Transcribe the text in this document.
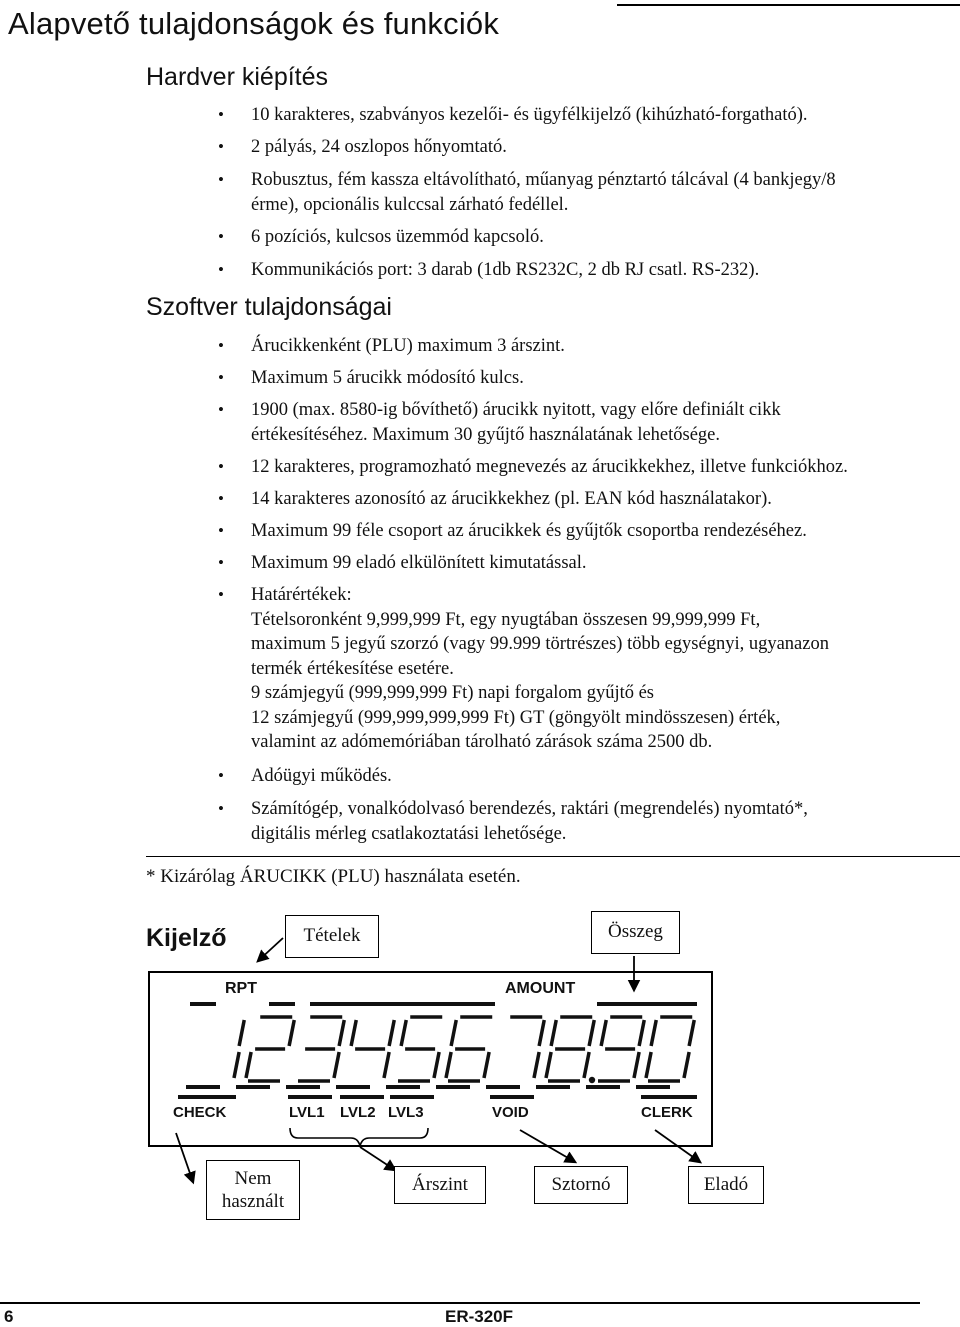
Alapvető tulajdonságok és funkciók
Hardver kiépítés
• 10 karakteres, szabványos kezelői- és ügyfélkijelző (kihúzható-forgatható).
• 2 pályás, 24 oszlopos hőnyomtató.
• Robusztus, fém kassza eltávolítható, műanyag pénztartó tálcával (4 bankjegy/8
érme), opcionális kulccsal zárható fedéllel.
• 6 pozíciós, kulcsos üzemmód kapcsoló.
• Kommunikációs port: 3 darab (1db RS232C, 2 db RJ csatl. RS-232).
Szoftver tulajdonságai
• Árucikkenként (PLU) maximum 3 árszint.
• Maximum 5 árucikk módosító kulcs.
• 1900 (max. 8580-ig bővíthető) árucikk nyitott, vagy előre definiált cikk
értékesítéséhez. Maximum 30 gyűjtő használatának lehetősége.
• 12 karakteres, programozható megnevezés az árucikkekhez, illetve funkciókhoz.
• 14 karakteres azonosító az árucikkekhez (pl. EAN kód használatakor).
• Maximum 99 féle csoport az árucikkek és gyűjtők csoportba rendezéséhez.
• Maximum 99 eladó elkülönített kimutatással.
• Határértékek:
Tételsoronként 9,999,999 Ft, egy nyugtában összesen 99,999,999 Ft,
maximum 5 jegyű szorzó (vagy 99.999 törtrészes) több egységnyi, ugyanazon
termék értékesítése esetére.
9 számjegyű (999,999,999 Ft) napi forgalom gyűjtő és
12 számjegyű (999,999,999,999 Ft) GT (göngyölt mindösszesen) érték,
valamint az adómemóriában tárolható zárások száma 2500 db.
• Adóügyi működés.
• Számítógép, vonalkódolvasó berendezés, raktári (megrendelés) nyomtató*,
digitális mérleg csatlakoztatási lehetősége.
* Kizárólag ÁRUCIKK (PLU) használata esetén.
Kijelző	Tételek	Összeg
RPT	AMOUNT
CHECK	LVL1 LVL2 LVL3	VOID	CLERK
Nem
használt
Árszint	Sztornó	Eladó
6	ER-320F
